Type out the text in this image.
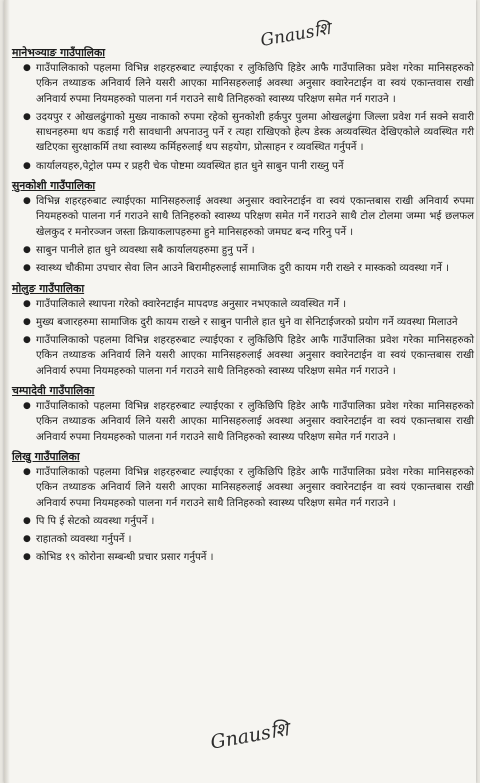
Gnausशि
मानेभञ्याङ गाउँपालिका
● गाउँपालिकाको पहलमा विभिन्न शहरहरुबाट ल्याईएका र लुकिछिपि हिडेर आफै गाउँपालिका प्रवेश गरेका मानिसहरुको एकिन तथ्याङक अनिवार्य लिने यसरी आएका मानिसहरुलाई अवस्था अनुसार क्वारेनटाईन वा स्वयं एकान्तवास राखी अनिवार्य रुपमा नियमहरुको पालना गर्न गराउने साथै तिनिहरुको स्वास्थ्य परिक्षण समेत गर्न गराउने ।
● उदयपुर र ओखलढुंगाको मुख्य नाकाको रुपमा रहेको सुनकोशी हर्कपुर पुलमा ओखलढुंगा जिल्ला प्रवेश गर्न सक्ने सवारी साधनहरुमा थप कडाई गरी सावधानी अपनाउनु पर्ने र त्यहा राखिएको हेल्प डेस्क अव्यवस्थित देखिएकोले व्यवस्थित गरी खटिएका सुरक्षाकर्मि तथा स्वास्थ्य कर्मिहरुलाई थप सहयोग, प्रोत्साहन र व्यवस्थित गर्नुपर्ने ।
● कार्यालयहरु,पेट्रोल पम्प र प्रहरी चेक पोष्टमा व्यवस्थित हात धुने साबुन पानी राख्नु पर्ने
सुनकोशी गाउँपालिका
● विभिन्न शहरहरुबाट ल्याईएका मानिसहरुलाई अवस्था अनुसार क्वारेनटाईन वा स्वयं एकान्तबास राखी अनिवार्य रुपमा नियमहरुको पालना गर्न गराउने साथै तिनिहरुको स्वास्थ्य परिक्षण समेत गर्ने गराउने साथै टोल टोलमा जम्मा भई छलफल खेलकुद र मनोरञ्जन जस्ता क्रियाकलापहरुमा हुने मानिसहरुको जमघट बन्द गरिनु पर्ने ।
● साबुन पानीले हात धुने व्यवस्था सबै कार्यालयहरुमा हुनु पर्ने ।
● स्वास्थ्य चौकीमा उपचार सेवा लिन आउने बिरामीहरुलाई सामाजिक दुरी कायम गरी राख्ने र मास्कको व्यवस्था गर्ने ।
मोलुङ गाउँपालिका
● गाउँपालिकाले स्थापना गरेको क्वारेनटाईन मापदण्ड अनुसार नभएकाले व्यवस्थित गर्ने ।
● मुख्य बजारहरुमा सामाजिक दुरी कायम राख्ने र साबुन पानीले हात धुने वा सेनिटाईजरको प्रयोग गर्ने व्यवस्था मिलाउने
● गाउँपालिकाको पहलमा विभिन्न शहरहरुबाट ल्याईएका र लुकिछिपि हिडेर आफै गाउँपालिका प्रवेश गरेका मानिसहरुको एकिन तथ्याङक अनिवार्य लिने यसरी आएका मानिसहरुलाई अवस्था अनुसार क्वारेनटाईन वा स्वयं एकान्तबास राखी अनिवार्य रुपमा नियमहरुको पालना गर्न गराउने साथै तिनिहरुको स्वास्थ्य परिक्षण समेत गर्न गराउने ।
चम्पादेवी गाउँपालिका
● गाउँपालिकाको पहलमा विभिन्न शहरहरुबाट ल्याईएका र लुकिछिपि हिडेर आफै गाउँपालिका प्रवेश गरेका मानिसहरुको एकिन तथ्याङक अनिवार्य लिने यसरी आएका मानिसहरुलाई अवस्था अनुसार क्वारेनटाईन वा स्वयं एकान्तबास राखी अनिवार्य रुपमा नियमहरुको पालना गर्न गराउने साथै तिनिहरुको स्वास्थ्य परिक्षण समेत गर्न गराउने ।
लिखु गाउँपालिका
● गाउँपालिकाको पहलमा विभिन्न शहरहरुबाट ल्याईएका र लुकिछिपि हिडेर आफै गाउँपालिका प्रवेश गरेका मानिसहरुको एकिन तथ्याङक अनिवार्य लिने यसरी आएका मानिसहरुलाई अवस्था अनुसार क्वारेनटाईन वा स्वयं एकान्तबास राखी अनिवार्य रुपमा नियमहरुको पालना गर्न गराउने साथै तिनिहरुको स्वास्थ्य परिक्षण समेत गर्न गराउने ।
● पि पि ई सेटको व्यवस्था गर्नुपर्ने ।
● राहातको व्यवस्था गर्नुपर्ने ।
● कोभिड १९ कोरोना सम्बन्धी प्रचार प्रसार गर्नुपर्ने ।
Gnausशि
